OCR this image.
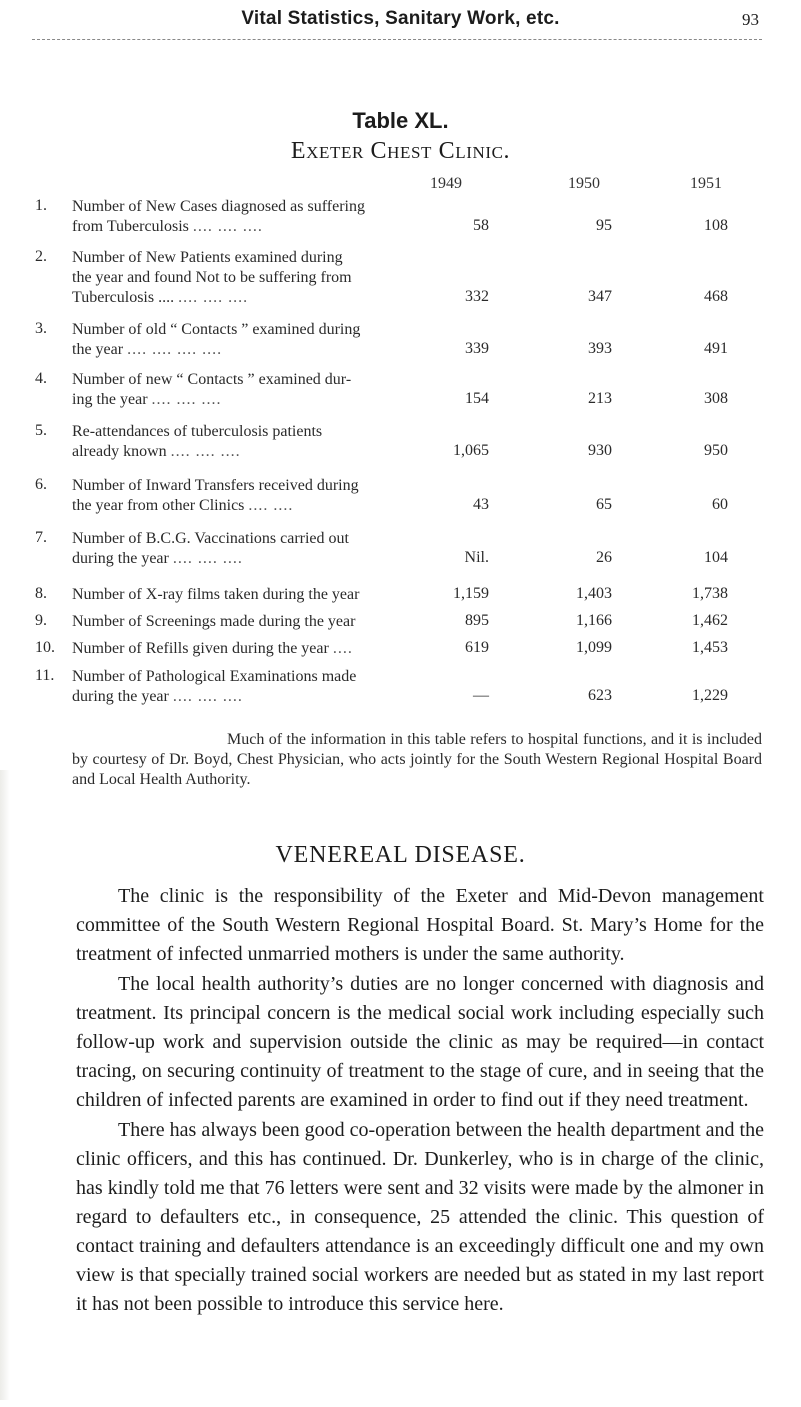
Vital Statistics, Sanitary Work, etc.	93
Table XL.
Exeter Chest Clinic.
1949	1950	1951
1.	Number of New Cases diagnosed as suffering
from Tuberculosis .... .... ....	58	95	108
2.	Number of New Patients examined during
the year and found Not to be suffering from
Tuberculosis .... .... .... ....	332	347	468
3.	Number of old “ Contacts ” examined during
the year .... .... .... ....	339	393	491
4.	Number of new “ Contacts ” examined dur-
ing the year .... .... ....	154	213	308
5.	Re-attendances of tuberculosis patients
already known .... .... ....	1,065	930	950
6.	Number of Inward Transfers received during
the year from other Clinics .... ....	43	65	60
7.	Number of B.C.G. Vaccinations carried out
during the year .... .... ....	Nil.	26	104
8.	Number of X-ray films taken during the year	1,159	1,403	1,738
9.	Number of Screenings made during the year	895	1,166	1,462
10.	Number of Refills given during the year ....	619	1,099	1,453
11.	Number of Pathological Examinations made
during the year .... .... ....	—	623	1,229
Much of the information in this table refers to hospital functions, and it is included by courtesy of Dr. Boyd, Chest Physician, who acts jointly for the South Western Regional Hospital Board and Local Health Authority.
VENEREAL DISEASE.
The clinic is the responsibility of the Exeter and Mid-Devon management committee of the South Western Regional Hospital Board. St. Mary’s Home for the treatment of infected unmarried mothers is under the same authority.
The local health authority’s duties are no longer concerned with diagnosis and treatment. Its principal concern is the medical social work including especially such follow-up work and supervision outside the clinic as may be required—in contact tracing, on securing continuity of treatment to the stage of cure, and in seeing that the children of infected parents are examined in order to find out if they need treatment.
There has always been good co-operation between the health department and the clinic officers, and this has continued. Dr. Dunkerley, who is in charge of the clinic, has kindly told me that 76 letters were sent and 32 visits were made by the almoner in regard to defaulters etc., in consequence, 25 attended the clinic. This question of contact training and defaulters attendance is an exceedingly difficult one and my own view is that specially trained social workers are needed but as stated in my last report it has not been possible to introduce this service here.
